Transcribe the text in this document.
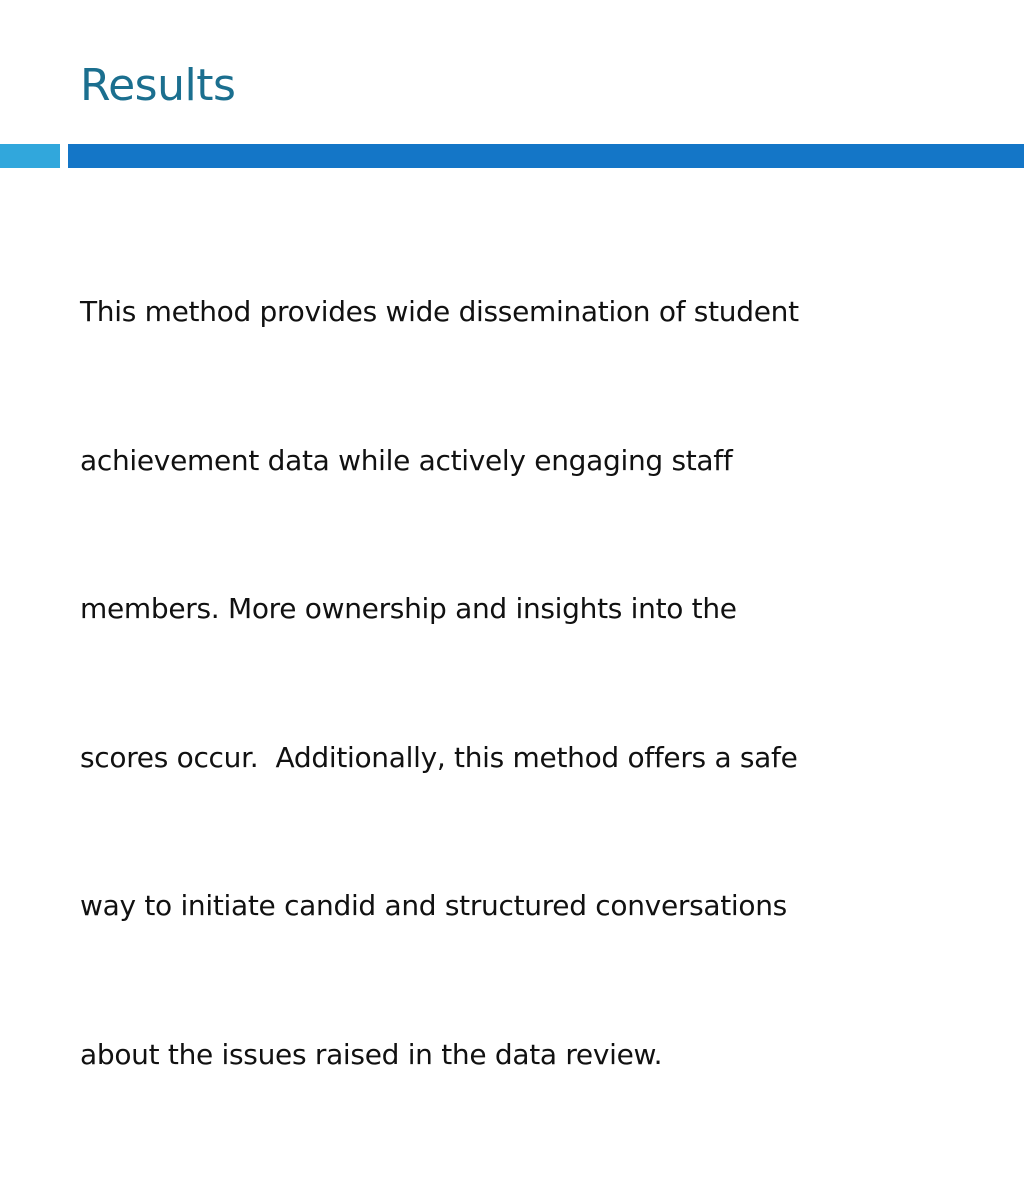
Results

This method provides wide dissemination of student

achievement data while actively engaging staff

members. More ownership and insights into the

scores occur.  Additionally, this method offers a safe

way to initiate candid and structured conversations

about the issues raised in the data review.
